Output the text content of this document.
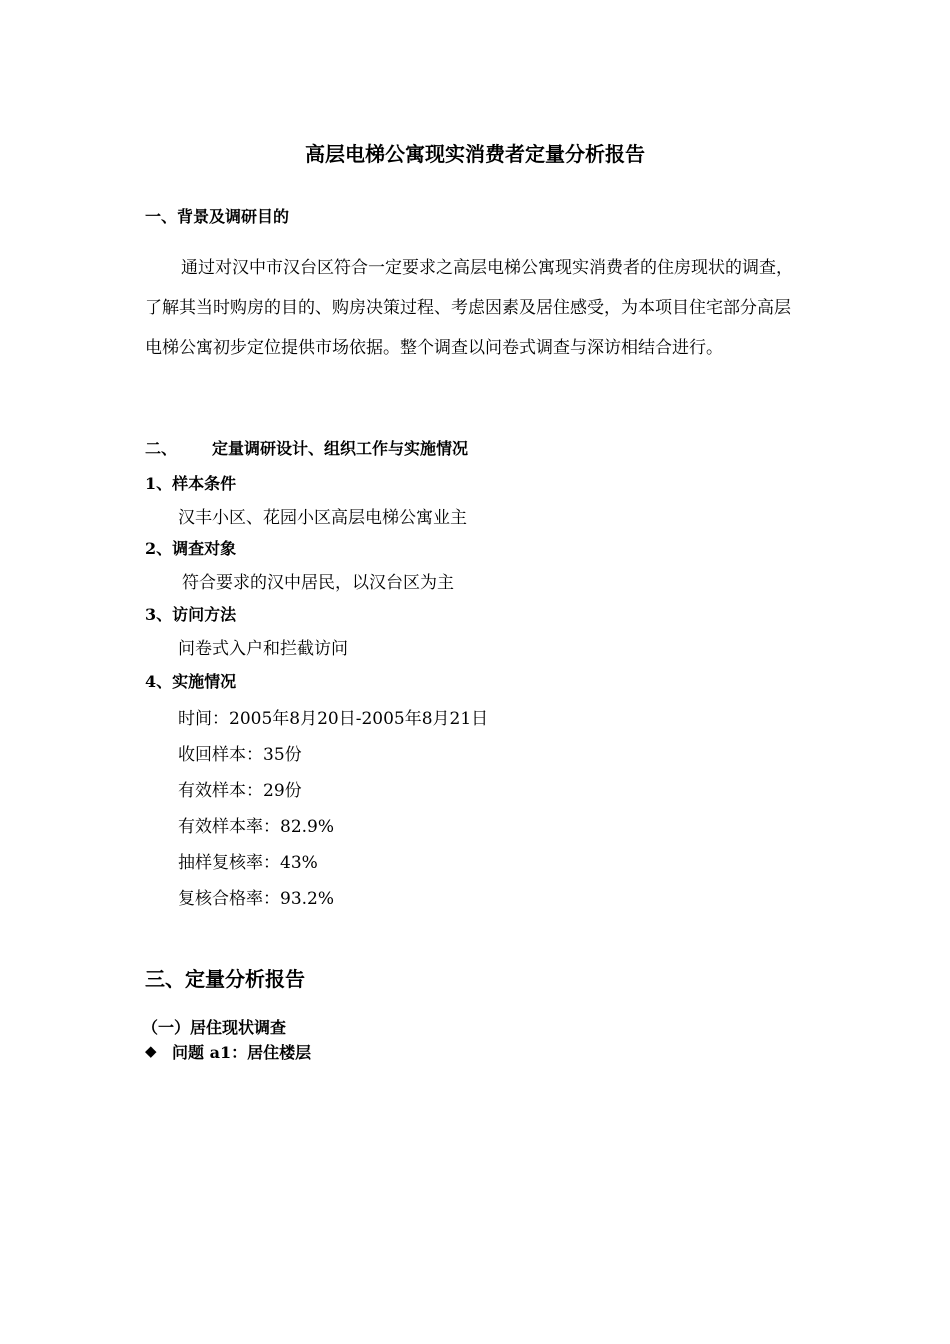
高层电梯公寓现实消费者定量分析报告
一、背景及调研目的
通过对汉中市汉台区符合一定要求之高层电梯公寓现实消费者的住房现状的调查，了解其当时购房的目的、购房决策过程、考虑因素及居住感受，为本项目住宅部分高层电梯公寓初步定位提供市场依据。整个调查以问卷式调查与深访相结合进行。
二、 定量调研设计、组织工作与实施情况
1、样本条件
汉丰小区、花园小区高层电梯公寓业主
2、调查对象
符合要求的汉中居民，以汉台区为主
3、访问方法
问卷式入户和拦截访问
4、实施情况
时间：2005年8月20日-2005年8月21日
收回样本：35份
有效样本：29份
有效样本率：82.9%
抽样复核率：43%
复核合格率：93.2%
三、定量分析报告
（一）居住现状调查
◆ 问题 a1：居住楼层
